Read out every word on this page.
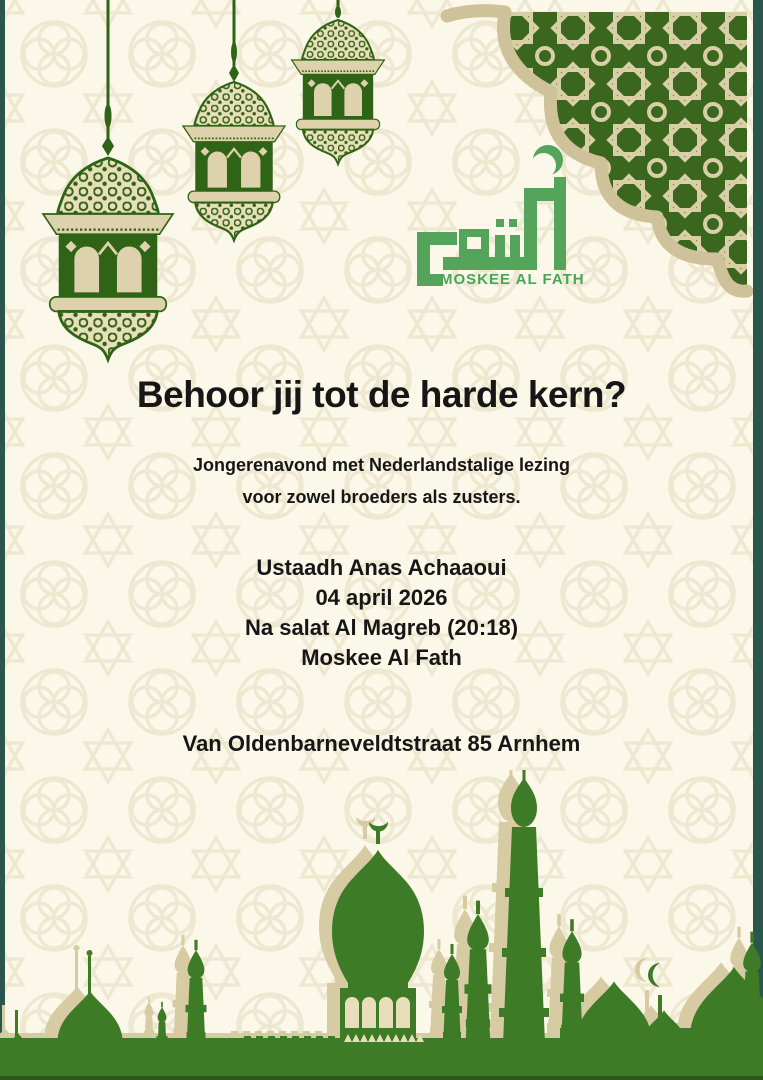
MOSKEE AL FATH
Behoor jij tot de harde kern?
Jongerenavond met Nederlandstalige lezing
voor zowel broeders als zusters.
Ustaadh Anas Achaaoui
04 april 2026
Na salat Al Magreb (20:18)
Moskee Al Fath
Van Oldenbarneveldtstraat 85 Arnhem
